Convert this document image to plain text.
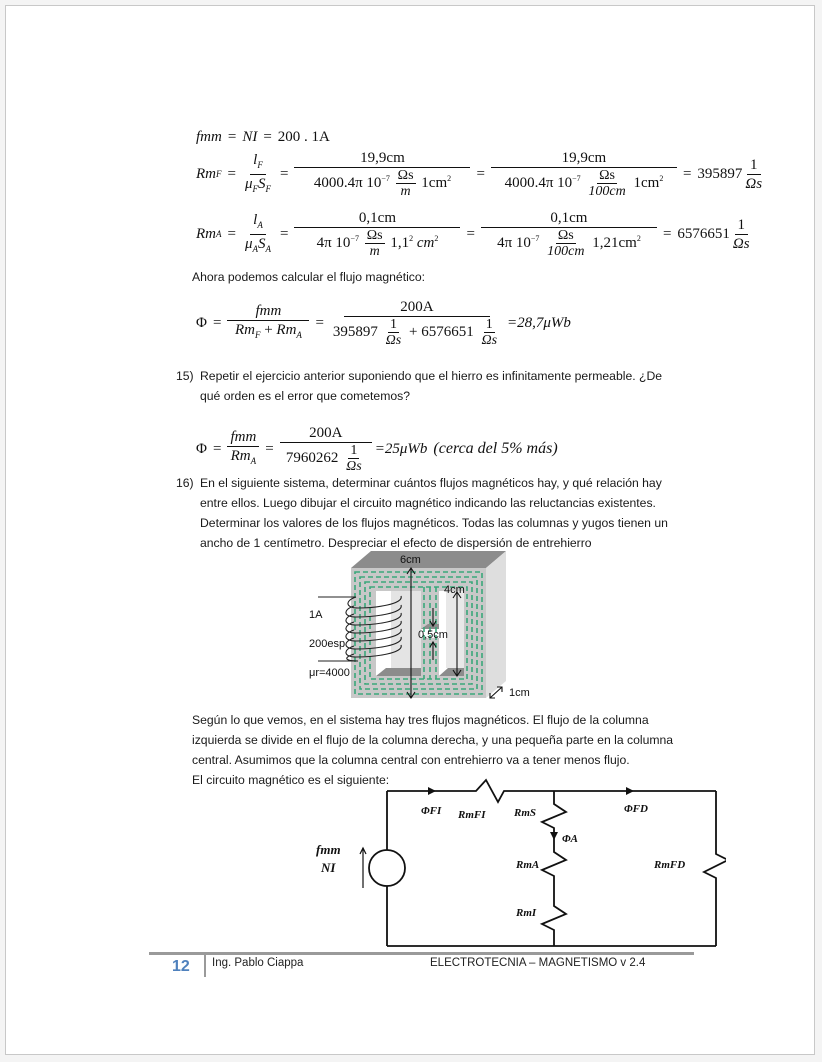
fmm = NI = 200 . 1A
Rm $F = \frac{l_F}{\mu_FS_F} = \frac{19,9cm}{4000.4\pi 10^{-7} \frac{\Omega s}{m} 1cm^2} = \frac{19,9cm}{4000.4\pi 10^{-7} \frac{\Omega s}{100cm} 1cm^2} = 395897 \frac{1}{\Omega s}$
Rm $A = \frac{l_A}{\mu_AS_A} = \frac{0,1cm}{4\pi 10^{-7} \frac{\Omega s}{m} 1,1^2 cm^2} = \frac{0,1cm}{4\pi 10^{-7} \frac{\Omega s}{100cm} 1,21cm^2} = 6576651 \frac{1}{\Omega s}$
Ahora podemos calcular el flujo magnético:
$\Phi = \frac{\text{fmm}}{Rm_F + Rm_A} = \frac{200A}{395897 \frac{1}{\Omega s} + 6576651 \frac{1}{\Omega s}} =28,7\mu Wb$
15) Repetir el ejercicio anterior suponiendo que el hierro es infinitamente permeable. ¿De qué orden es el error que cometemos?
$\Phi = \frac{\text{fmm}}{Rm_A} = \frac{200A}{7960262 \frac{1}{\Omega s}} =25\mu Wb$ (cerca del 5% más)
16) En el siguiente sistema, determinar cuántos flujos magnéticos hay, y qué relación hay entre ellos. Luego dibujar el circuito magnético indicando las reluctancias existentes. Determinar los valores de los flujos magnéticos. Todas las columnas y yugos tienen un ancho de 1 centímetro. Despreciar el efecto de dispersión de entrehierro
6cm
4cm
0,5cm
1A
200esp
μr=4000
1cm
Según lo que vemos, en el sistema hay tres flujos magnéticos. El flujo de la columna izquierda se divide en el flujo de la columna derecha, y una pequeña parte en la columna central. Asumimos que la columna central con entrehierro va a tener menos flujo.
El circuito magnético es el siguiente:
fmm
NI
ΦFI RmFI	RmS
ΦA
RmA
RmI
ΦFD
RmFD
12 Ing. Pablo Ciappa	ELECTROTECNIA – MAGNETISMO v 2.4
